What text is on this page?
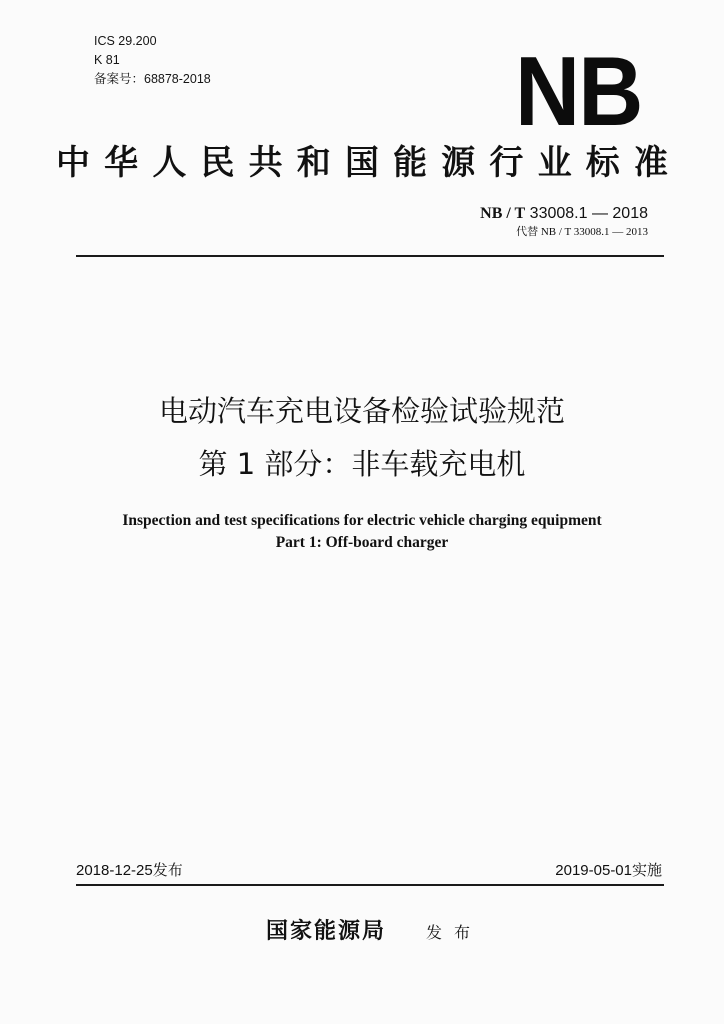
ICS 29.200
K 81
备案号：68878-2018	NB
中 华 人 民 共 和 国 能 源 行 业 标 准
NB / T 33008.1 — 2018
代替 NB / T 33008.1 — 2013
电动汽车充电设备检验试验规范
第 1 部分：非车载充电机
Inspection and test specifications for electric vehicle charging equipment
Part 1: Off-board charger
2018-12-25发布	2019-05-01实施
国家能源局 发布
